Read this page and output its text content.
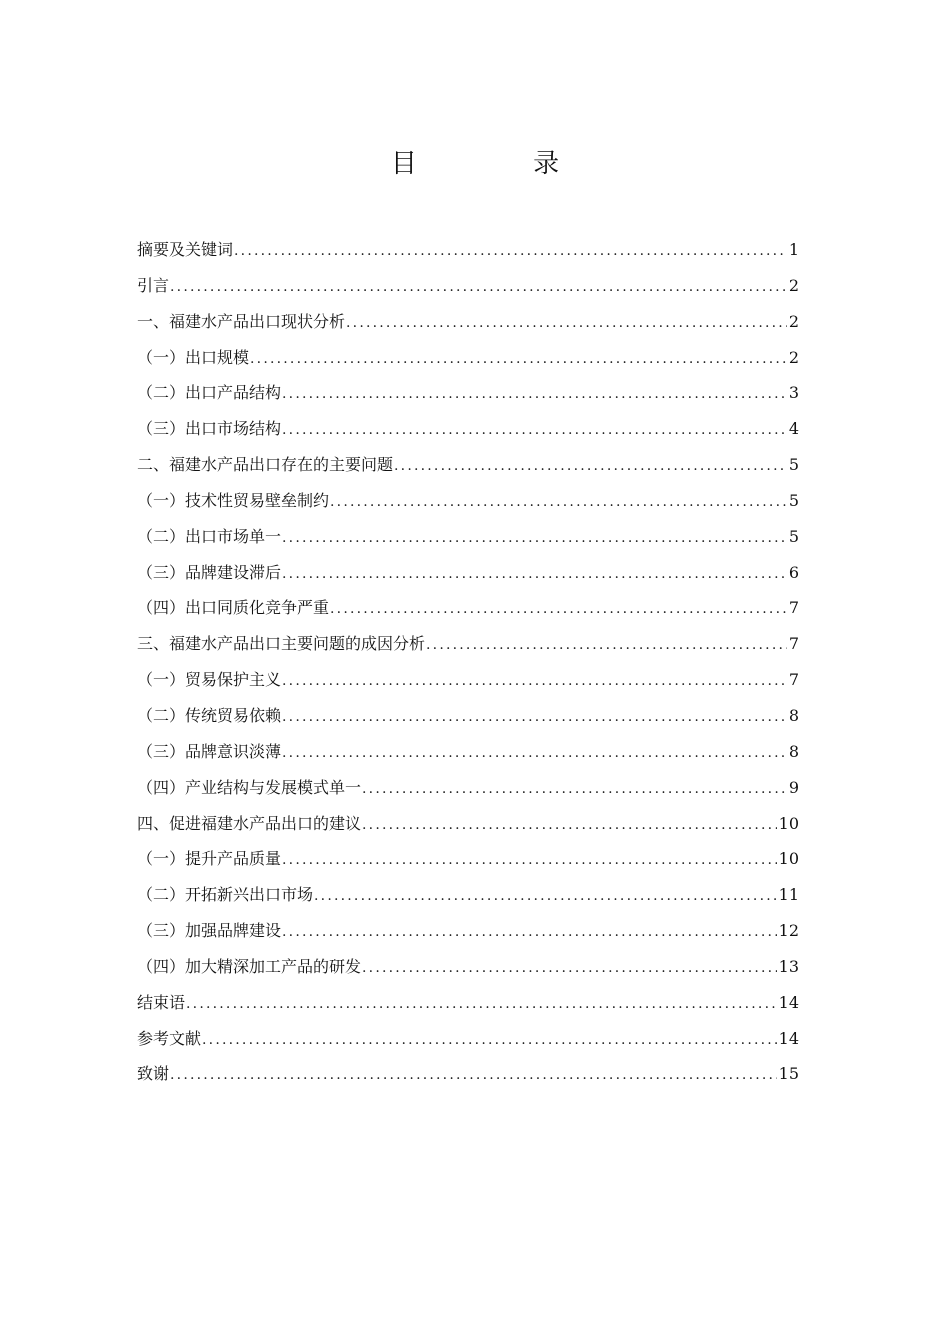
目 录
摘要及关键词 .....	1
引言 .....	2
一、福建水产品出口现状分析 .....	2
（一）出口规模 .....	2
（二）出口产品结构 .....	3
（三）出口市场结构 .....	4
二、福建水产品出口存在的主要问题 .....	5
（一）技术性贸易壁垒制约 .....	5
（二）出口市场单一 .....	5
（三）品牌建设滞后 .....	6
（四）出口同质化竞争严重 .....	7
三、福建水产品出口主要问题的成因分析 .....	7
（一）贸易保护主义 .....	7
（二）传统贸易依赖 .....	8
（三）品牌意识淡薄 .....	8
（四）产业结构与发展模式单一 .....	9
四、促进福建水产品出口的建议 .....	10
（一）提升产品质量 .....	10
（二）开拓新兴出口市场 .....	11
（三）加强品牌建设 .....	12
（四）加大精深加工产品的研发 .....	13
结束语 .....	14
参考文献 .....	14
致谢 .....	15
